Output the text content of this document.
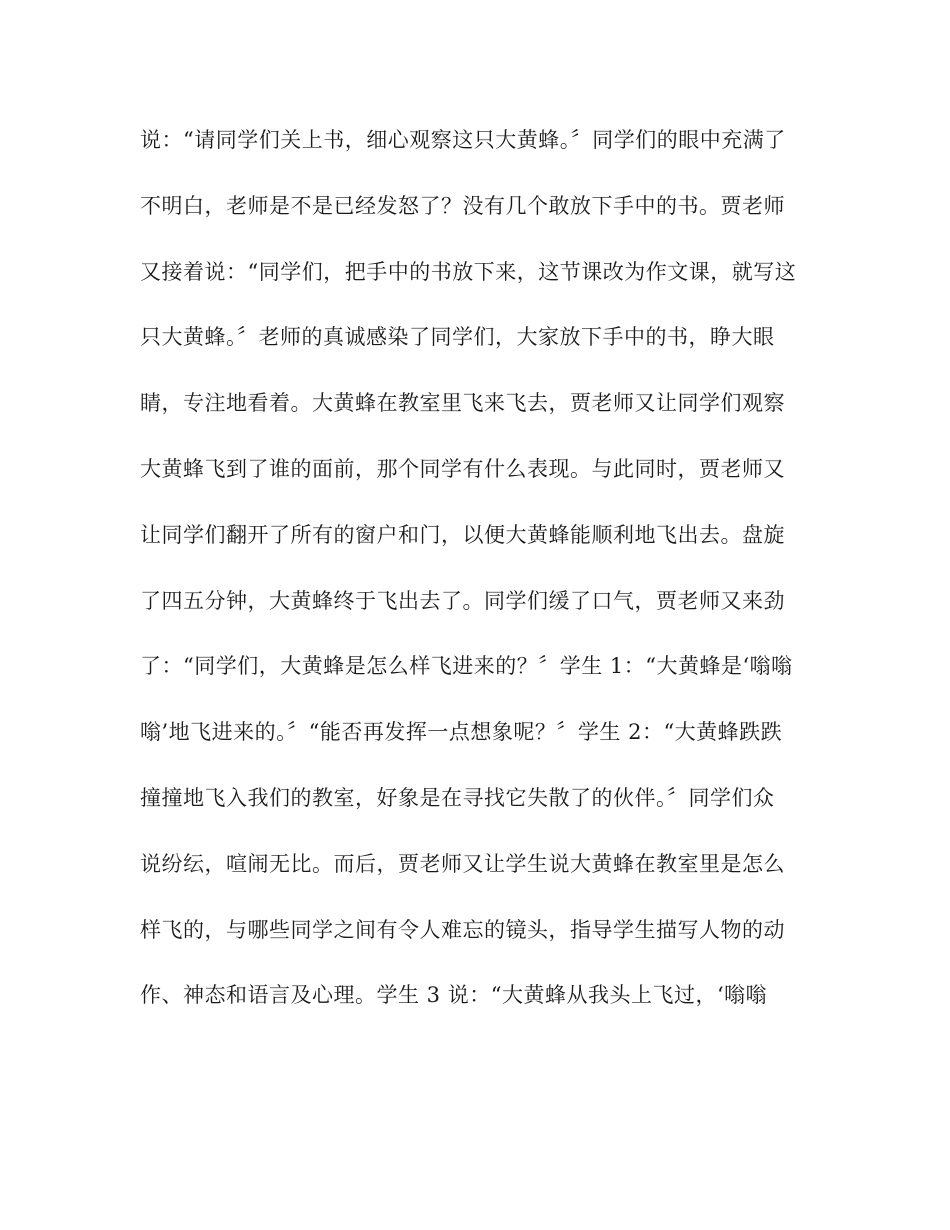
说：“请同学们关上书，细心观察这只大黄蜂。〞同学们的眼中充满了
不明白，老师是不是已经发怒了？没有几个敢放下手中的书。贾老师
又接着说：“同学们，把手中的书放下来，这节课改为作文课，就写这
只大黄蜂。〞老师的真诚感染了同学们，大家放下手中的书，睁大眼
睛，专注地看着。大黄蜂在教室里飞来飞去，贾老师又让同学们观察
大黄蜂飞到了谁的面前，那个同学有什么表现。与此同时，贾老师又
让同学们翻开了所有的窗户和门，以便大黄蜂能顺利地飞出去。盘旋
了四五分钟，大黄蜂终于飞出去了。同学们缓了口气，贾老师又来劲
了：“同学们，大黄蜂是怎么样飞进来的？〞学生 1：“大黄蜂是‘嗡嗡
嗡’地飞进来的。〞“能否再发挥一点想象呢？〞学生 2：“大黄蜂跌跌
撞撞地飞入我们的教室，好象是在寻找它失散了的伙伴。〞同学们众
说纷纭，喧闹无比。而后，贾老师又让学生说大黄蜂在教室里是怎么
样飞的，与哪些同学之间有令人难忘的镜头，指导学生描写人物的动
作、神态和语言及心理。学生 3 说：“大黄蜂从我头上飞过，‘嗡嗡
